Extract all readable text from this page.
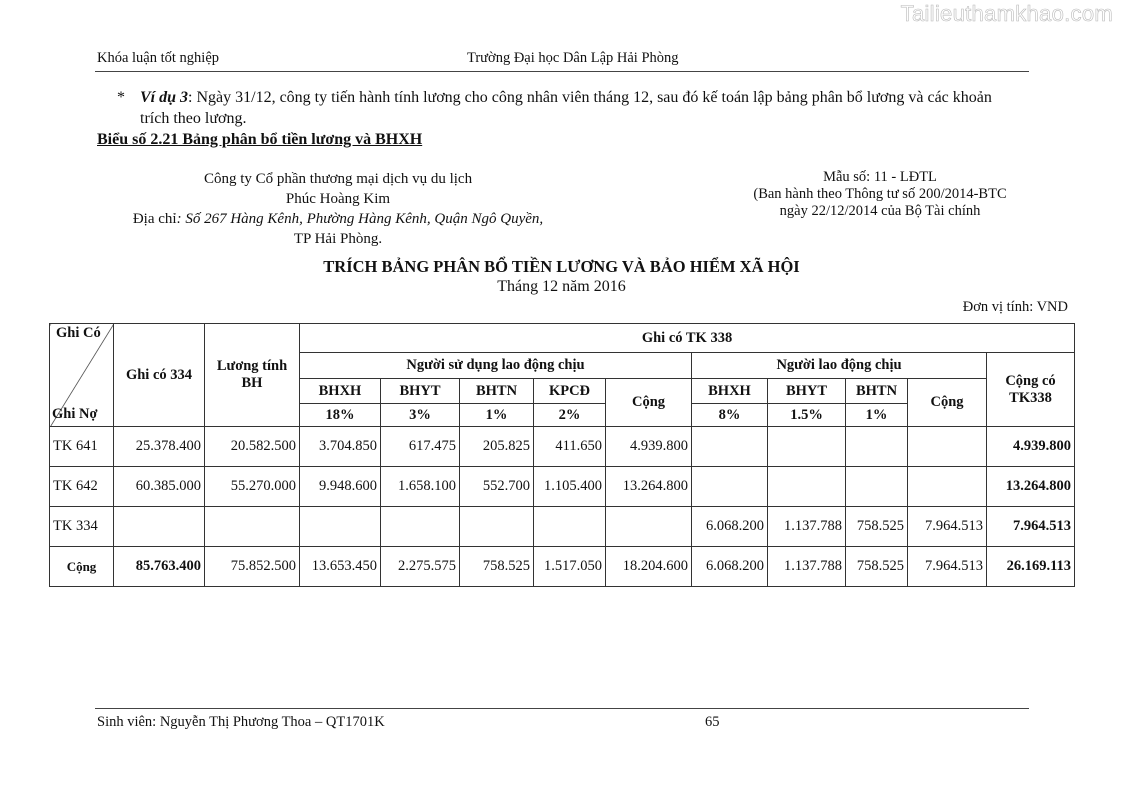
Tailieuthamkhao.com
Khóa luận tốt nghiệp	Trường Đại học Dân Lập Hải Phòng
* Ví dụ 3: Ngày 31/12, công ty tiến hành tính lương cho công nhân viên tháng 12, sau đó kế toán lập bảng phân bổ lương và các khoản trích theo lương.
Biểu số 2.21 Bảng phân bổ tiền lương và BHXH
Công ty Cổ phần thương mại dịch vụ du lịch
Phúc Hoàng Kim
Địa chỉ: Số 267 Hàng Kênh, Phường Hàng Kênh, Quận Ngô Quyền,
TP Hải Phòng.
Mẫu số: 11 - LĐTL
(Ban hành theo Thông tư số 200/2014-BTC
ngày 22/12/2014 của Bộ Tài chính
TRÍCH BẢNG PHÂN BỔ TIỀN LƯƠNG VÀ BẢO HIỂM XÃ HỘI
Tháng 12 năm 2016
Đơn vị tính: VND
Ghi Có
Ghi Nợ	Ghi có 334	Lương tính BH	Ghi có TK 338									
			Người sử dụng lao động chịu					Người lao động chịu				Cộng có TK338
			BHXH	BHYT	BHTN	KPCĐ	Cộng	BHXH	BHYT	BHTN	Cộng	
			18%	3%	1%	2%		8%	1.5%	1%		
TK 641	25.378.400	20.582.500	3.704.850	617.475	205.825	411.650	4.939.800					4.939.800
TK 642	60.385.000	55.270.000	9.948.600	1.658.100	552.700	1.105.400	13.264.800					13.264.800
TK 334								6.068.200	1.137.788	758.525	7.964.513	7.964.513
Cộng	85.763.400	75.852.500	13.653.450	2.275.575	758.525	1.517.050	18.204.600	6.068.200	1.137.788	758.525	7.964.513	26.169.113
Sinh viên: Nguyễn Thị Phương Thoa – QT1701K	65
